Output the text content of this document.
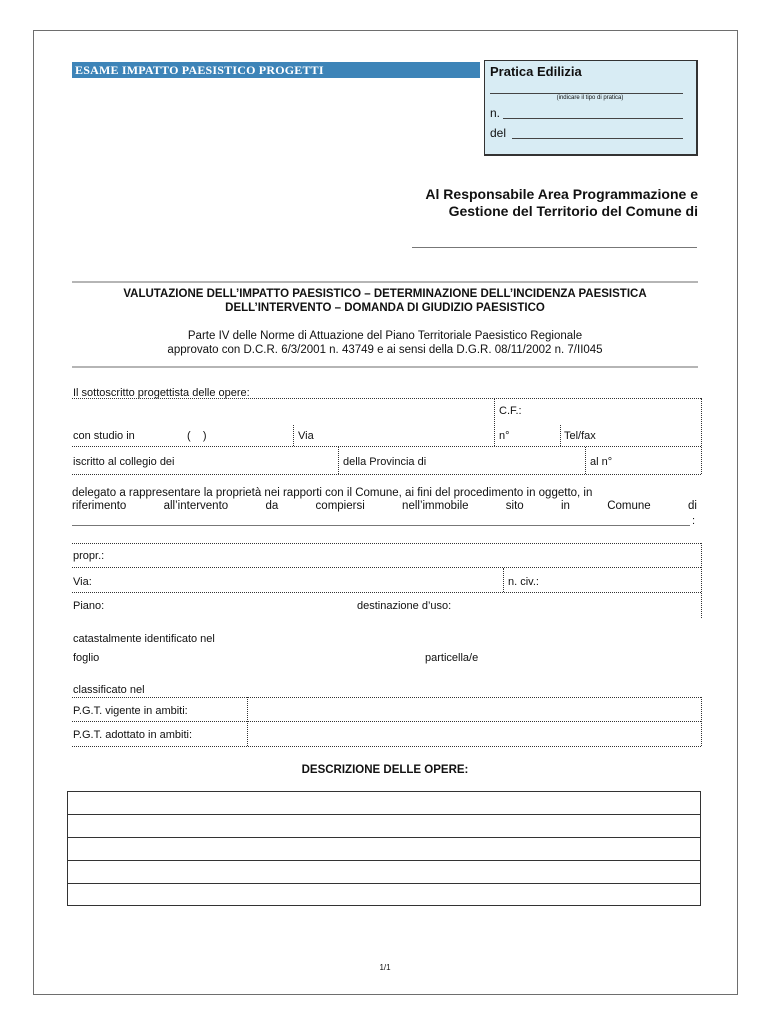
ESAME IMPATTO PAESISTICO PROGETTI	Pratica Edilizia
(indicare il tipo di pratica)
n.
del
Al Responsabile Area Programmazione e
Gestione del Territorio del Comune di
VALUTAZIONE DELL’IMPATTO PAESISTICO – DETERMINAZIONE DELL’INCIDENZA PAESISTICA
DELL’INTERVENTO – DOMANDA DI GIUDIZIO PAESISTICO
Parte IV delle Norme di Attuazione del Piano Territoriale Paesistico Regionale
approvato con D.C.R. 6/3/2001 n. 43749 e ai sensi della D.G.R. 08/11/2002 n. 7/II045
Il sottoscritto progettista delle opere:
C.F.:
con studio in	(    )	Via	n°	Tel/fax
iscritto al collegio dei	della Provincia di	al n°
delegato a rappresentare la proprietà nei rapporti con il Comune, ai fini del procedimento in oggetto, in
riferimento	all’intervento	da	compiersi	nell’immobile	sito	in	Comune	di
:
propr.:
Via:	n. civ.:
Piano:	destinazione d’uso:
catastalmente identificato nel
foglio	particella/e
classificato nel
P.G.T. vigente in ambiti:
P.G.T. adottato in ambiti:
DESCRIZIONE DELLE OPERE:
1/1
